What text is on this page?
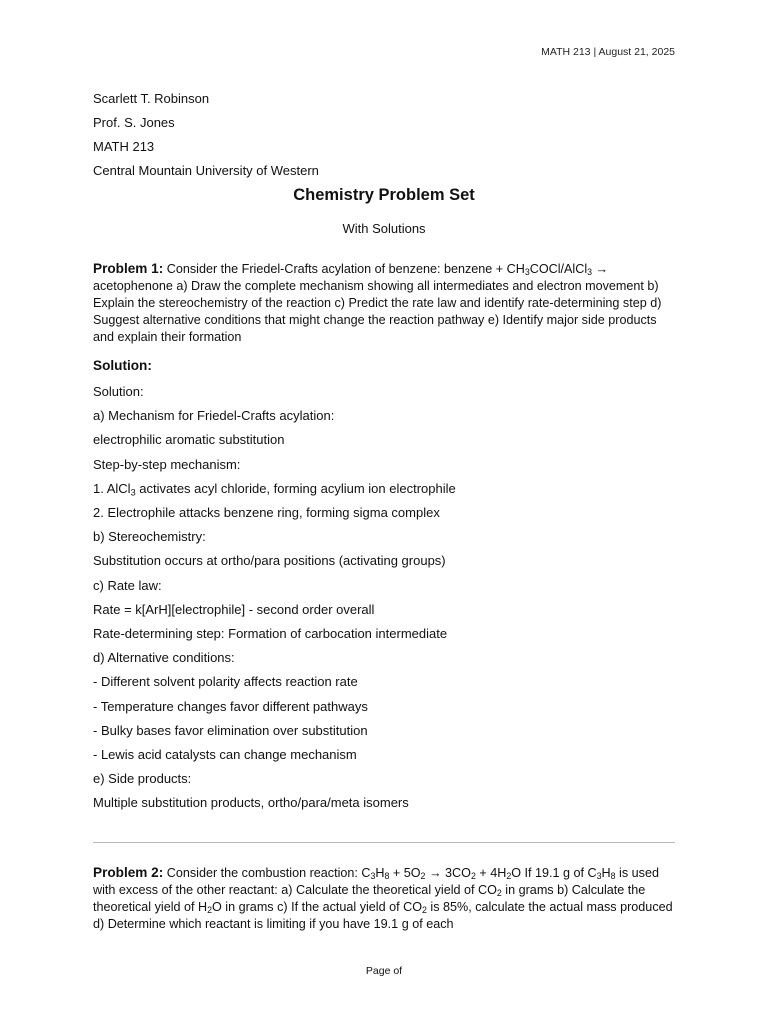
MATH 213 | August 21, 2025
Scarlett T. Robinson
Prof. S. Jones
MATH 213
Central Mountain University of Western
Chemistry Problem Set
With Solutions
Problem 1: Consider the Friedel-Crafts acylation of benzene: benzene + $CH_3COCl/AlCl_3$ → acetophenone a) Draw the complete mechanism showing all intermediates and electron movement b) Explain the stereochemistry of the reaction c) Predict the rate law and identify rate-determining step d) Suggest alternative conditions that might change the reaction pathway e) Identify major side products and explain their formation
Solution:
Solution:
a) Mechanism for Friedel-Crafts acylation:
electrophilic aromatic substitution
Step-by-step mechanism:
1. AlCl$_3$ activates acyl chloride, forming acylium ion electrophile
2. Electrophile attacks benzene ring, forming sigma complex
b) Stereochemistry:
Substitution occurs at ortho/para positions (activating groups)
c) Rate law:
Rate = k[ArH][electrophile] - second order overall
Rate-determining step: Formation of carbocation intermediate
d) Alternative conditions:
- Different solvent polarity affects reaction rate
- Temperature changes favor different pathways
- Bulky bases favor elimination over substitution
- Lewis acid catalysts can change mechanism
e) Side products:
Multiple substitution products, ortho/para/meta isomers
Problem 2: Consider the combustion reaction: $C_3H_8 + 5O_2 \to 3CO_2 + 4H_2O$ If 19.1 g of $C_3H_8$ is used with excess of the other reactant: a) Calculate the theoretical yield of $CO_2$ in grams b) Calculate the theoretical yield of $H_2O$ in grams c) If the actual yield of $CO_2$ is 85%, calculate the actual mass produced d) Determine which reactant is limiting if you have 19.1 g of each
Page of
